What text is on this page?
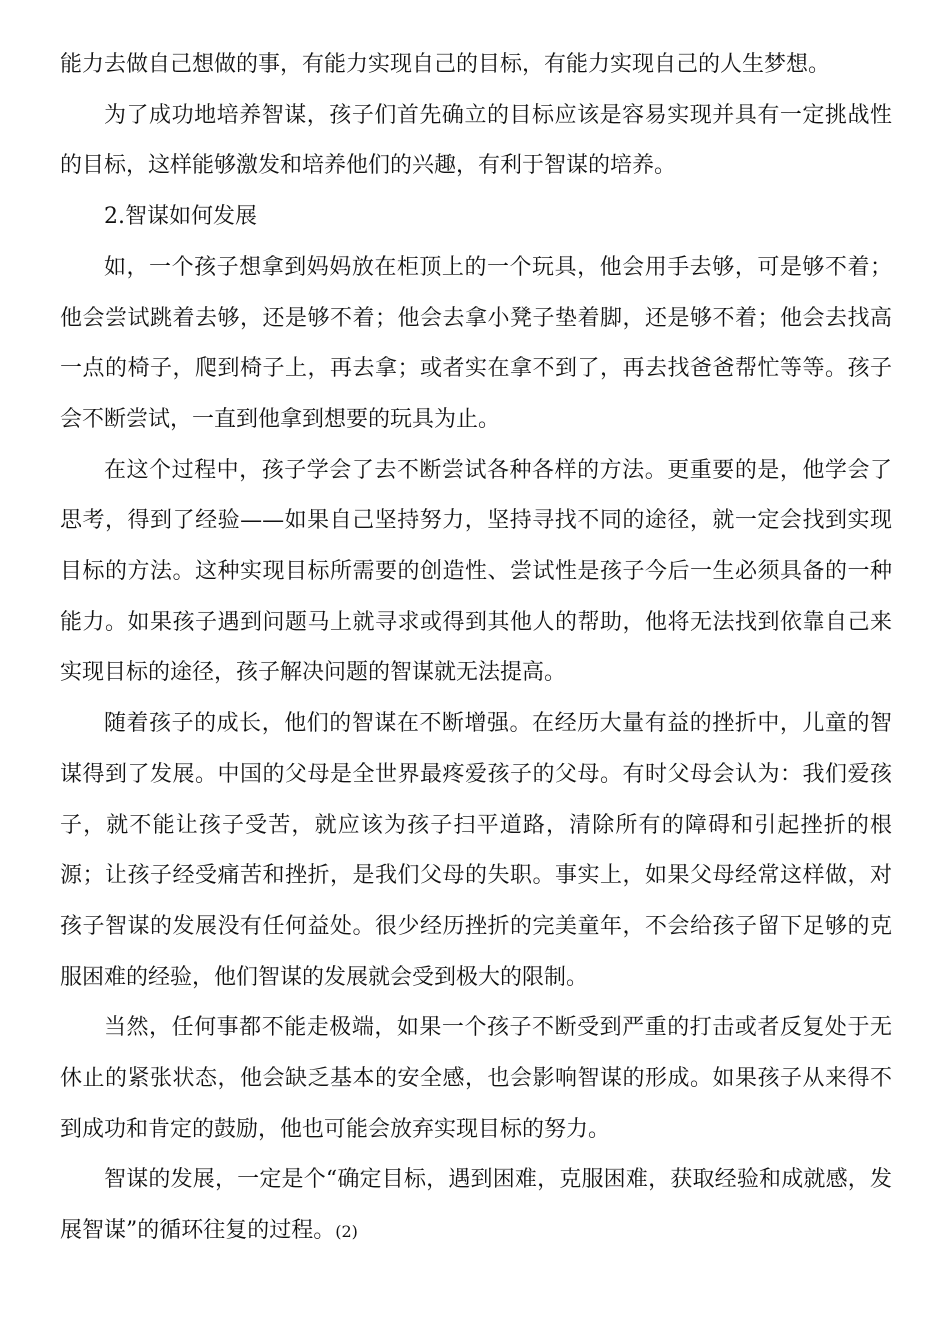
能力去做自己想做的事，有能力实现自己的目标，有能力实现自己的人生梦想。

为了成功地培养智谋，孩子们首先确立的目标应该是容易实现并具有一定挑战性的目标，这样能够激发和培养他们的兴趣，有利于智谋的培养。

2.智谋如何发展

如，一个孩子想拿到妈妈放在柜顶上的一个玩具，他会用手去够，可是够不着；他会尝试跳着去够，还是够不着；他会去拿小凳子垫着脚，还是够不着；他会去找高一点的椅子，爬到椅子上，再去拿；或者实在拿不到了，再去找爸爸帮忙等等。孩子会不断尝试，一直到他拿到想要的玩具为止。

在这个过程中，孩子学会了去不断尝试各种各样的方法。更重要的是，他学会了思考，得到了经验——如果自己坚持努力，坚持寻找不同的途径，就一定会找到实现目标的方法。这种实现目标所需要的创造性、尝试性是孩子今后一生必须具备的一种能力。如果孩子遇到问题马上就寻求或得到其他人的帮助，他将无法找到依靠自己来实现目标的途径，孩子解决问题的智谋就无法提高。

随着孩子的成长，他们的智谋在不断增强。在经历大量有益的挫折中，儿童的智谋得到了发展。中国的父母是全世界最疼爱孩子的父母。有时父母会认为：我们爱孩子，就不能让孩子受苦，就应该为孩子扫平道路，清除所有的障碍和引起挫折的根源；让孩子经受痛苦和挫折，是我们父母的失职。事实上，如果父母经常这样做，对孩子智谋的发展没有任何益处。很少经历挫折的完美童年，不会给孩子留下足够的克服困难的经验，他们智谋的发展就会受到极大的限制。

当然，任何事都不能走极端，如果一个孩子不断受到严重的打击或者反复处于无休止的紧张状态，他会缺乏基本的安全感，也会影响智谋的形成。如果孩子从来得不到成功和肯定的鼓励，他也可能会放弃实现目标的努力。

智谋的发展，一定是个“确定目标，遇到困难，克服困难，获取经验和成就感，发展智谋”的循环往复的过程。(2)
